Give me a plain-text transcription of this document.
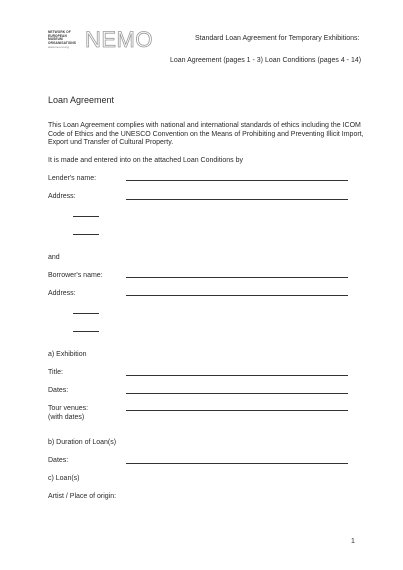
NETWORK OF
EUROPEAN
MUSEUM
ORGANISATIONS
www.ne-mo.org NEMO	Standard Loan Agreement for Temporary Exhibitions:
Loan Agreement (pages 1 - 3) Loan Conditions (pages 4 - 14)
Loan Agreement
This Loan Agreement complies with national and international standards of ethics including the ICOM Code of Ethics and the UNESCO Convention on the Means of Prohibiting and Preventing Illicit Import, Export und Transfer of Cultural Property.
It is made and entered into on the attached Loan Conditions by
Lender's name:
Address:
and
Borrower's name:
Address:
a) Exhibition
Title:
Dates:
Tour venues:
(with dates)
b) Duration of Loan(s)
Dates:
c) Loan(s)
Artist / Place of origin:
1
